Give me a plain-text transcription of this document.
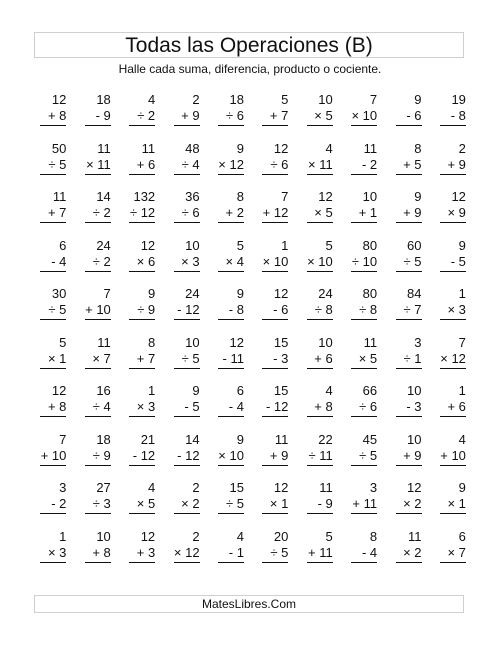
Todas las Operaciones (B)
Halle cada suma, diferencia, producto o cociente.
12
+ 8
18
- 9
4
÷ 2
2
+ 9
18
÷ 6
5
+ 7
10
× 5
7
× 10
9
- 6
19
- 8
50
÷ 5
11
× 11
11
+ 6
48
÷ 4
9
× 12
12
÷ 6
4
× 11
11
- 2
8
+ 5
2
+ 9
11
+ 7
14
÷ 2
132
÷ 12
36
÷ 6
8
+ 2
7
+ 12
12
× 5
10
+ 1
9
+ 9
12
× 9
6
- 4
24
÷ 2
12
× 6
10
× 3
5
× 4
1
× 10
5
× 10
80
÷ 10
60
÷ 5
9
- 5
30
÷ 5
7
+ 10
9
÷ 9
24
- 12
9
- 8
12
- 6
24
÷ 8
80
÷ 8
84
÷ 7
1
× 3
5
× 1
11
× 7
8
+ 7
10
÷ 5
12
- 11
15
- 3
10
+ 6
11
× 5
3
÷ 1
7
× 12
12
+ 8
16
÷ 4
1
× 3
9
- 5
6
- 4
15
- 12
4
+ 8
66
÷ 6
10
- 3
1
+ 6
7
+ 10
18
÷ 9
21
- 12
14
- 12
9
× 10
11
+ 9
22
÷ 11
45
÷ 5
10
+ 9
4
+ 10
3
- 2
27
÷ 3
4
× 5
2
× 2
15
÷ 5
12
× 1
11
- 9
3
+ 11
12
× 2
9
× 1
1
× 3
10
+ 8
12
+ 3
2
× 12
4
- 1
20
÷ 5
5
+ 11
8
- 4
11
× 2
6
× 7
MatesLibres.Com
